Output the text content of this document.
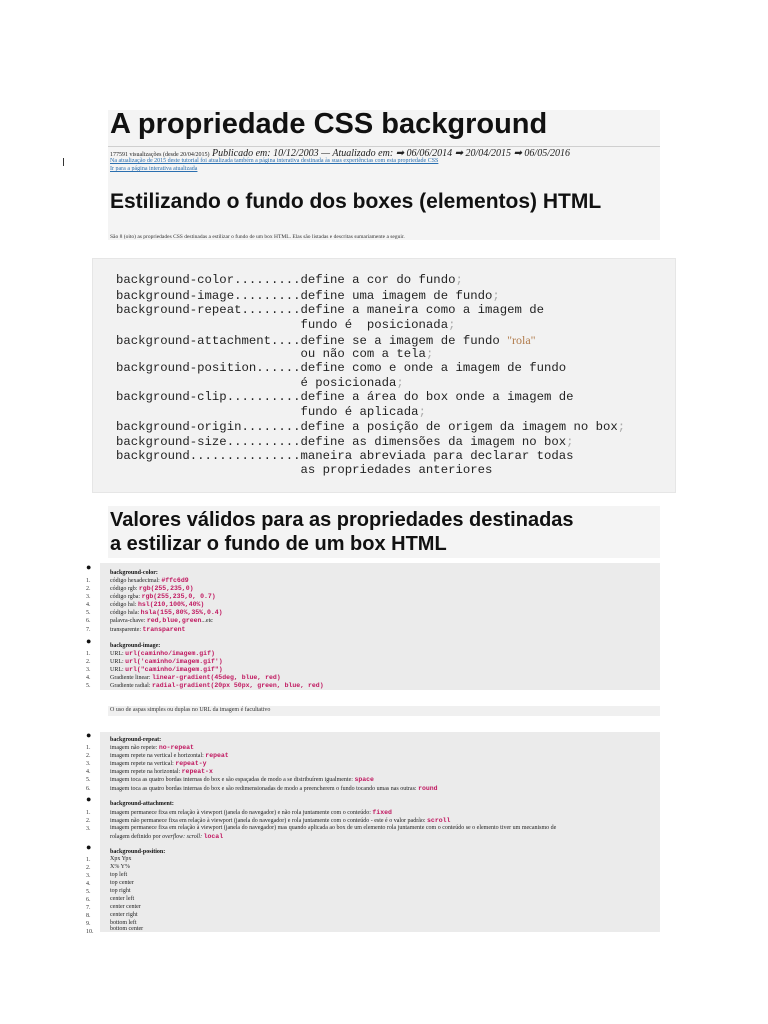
A propriedade CSS background
177591 visualizações (desde 20/04/2015) Publicado em: 10/12/2003 — Atualizado em: ➡ 06/06/2014 ➡ 20/04/2015 ➡ 06/05/2016
Na atualização de 2015 deste tutorial foi atualizada também a página interativa destinada às suas experiências com esta propriedade CSS
Ir para a página interativa atualizada
Estilizando o fundo dos boxes (elementos) HTML
São 8 (oito) as propriedades CSS destinadas a estilizar o fundo de um box HTML. Elas são listadas e descritas sumariamente a seguir.
background-color.........define a cor do fundo;
background-image.........define uma imagem de fundo;
background-repeat........define a maneira como a imagem de
fundo é  posicionada;
background-attachment....define se a imagem de fundo "rola"
ou não com a tela;
background-position......define como e onde a imagem de fundo
é posicionada;
background-clip..........define a área do box onde a imagem de
fundo é aplicada;
background-origin........define a posição de origem da imagem no box;
background-size..........define as dimensões da imagem no box;
background...............maneira abreviada para declarar todas
as propriedades anteriores
Valores válidos para as propriedades destinadas
a estilizar o fundo de um box HTML
●
background-color:
1.	código hexadecimal: #ffc6d9
2.	código rgb: rgb(255,235,0)
3.	código rgba: rgb(255,235,0, 0.7)
4.	código hsl: hsl(210,100%,40%)
5.	código hsla: hsla(155,80%,35%,0.4)
6.	palavra-chave: red,blue,green...etc
7.	transparente: transparent
●	background-image:
1.	URL: url(caminho/imagem.gif)
2.	URL: url('caminho/imagem.gif')
3.	URL: url("caminho/imagem.gif")
4.	Gradiente linear: linear-gradient(45deg, blue, red)
5.	Gradiente radial: radial-gradient(20px 50px, green, blue, red)
O uso de aspas simples ou duplas no URL da imagem é facultativo
●	background-repeat:
1.	imagem não repete: no-repeat
2.	imagem repete na vertical e horizontal: repeat
3.	imagem repete na vertical: repeat-y
4.	imagem repete na horizontal: repeat-x
5.	imagem toca as quatro bordas internas do box e são espaçadas de modo a se distribuírem igualmente: space
6.	imagem toca as quatro bordas internas do box e são redimensionadas de modo a preencherem o fundo tocando umas nas outras: round
●	background-attachment:
1.	imagem permanece fixa em relação à viewport (janela do navegador) e não rola juntamente com o conteúdo: fixed
2.	imagem não permanece fixa em relação à viewport (janela do navegador) e rola juntamente com o conteúdo - este é o valor padrão: scroll
3.	imagem permanece fixa em relação à viewport (janela do navegador) mas quando aplicada ao box de um elemento rola juntamente com o conteúdo se o elemento tiver um mecanismo de
rolagem definido por overflow: scroll: local
●	background-position:
1.	Xpx Ypx
2.	X% Y%
3.	top left
4.	top center
5.	top right
6.	center left
7.	center center
8.	center right
9.	bottom left
10.	bottom center
